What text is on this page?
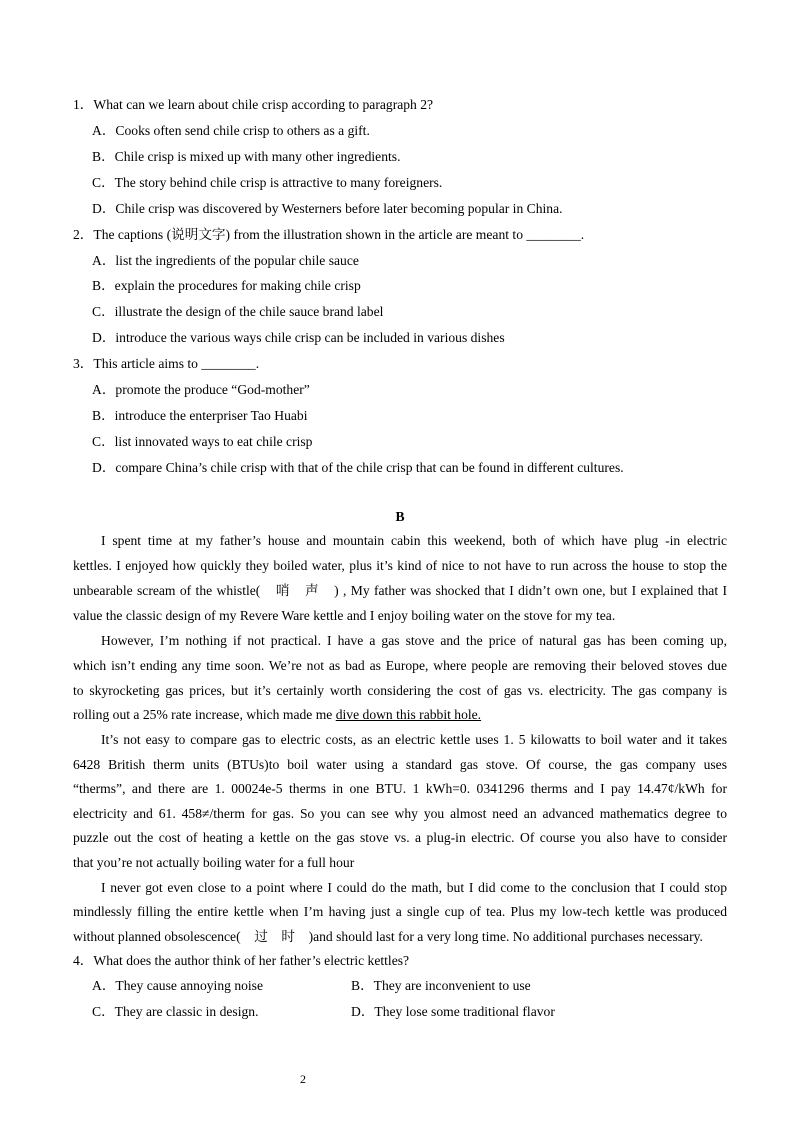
1．What can we learn about chile crisp according to paragraph 2?
A．Cooks often send chile crisp to others as a gift.
B．Chile crisp is mixed up with many other ingredients.
C．The story behind chile crisp is attractive to many foreigners.
D．Chile crisp was discovered by Westerners before later becoming popular in China.
2．The captions (说明文字) from the illustration shown in the article are meant to ________.
A．list the ingredients of the popular chile sauce
B．explain the procedures for making chile crisp
C．illustrate the design of the chile sauce brand label
D．introduce the various ways chile crisp can be included in various dishes
3．This article aims to ________.
A．promote the produce “God-mother”
B．introduce the enterpriser Tao Huabi
C．list innovated ways to eat chile crisp
D．compare China’s chile crisp with that of the chile crisp that can be found in different cultures.
B
I spent time at my father’s house and mountain cabin this weekend, both of which have plug -in electric
kettles. I enjoyed how quickly they boiled water, plus it’s kind of nice to not have to run across the house to stop the
unbearable scream of the whistle(　哨　声　) , My father was shocked that I didn’t own one, but I explained that I
value the classic design of my Revere Ware kettle and I enjoy boiling water on the stove for my tea.
However, I’m nothing if not practical. I have a gas stove and the price of natural gas has been coming up,
which isn’t ending any time soon. We’re not as bad as Europe, where people are removing their beloved stoves due
to skyrocketing gas prices, but it’s certainly worth considering the cost of gas vs. electricity. The gas company is
rolling out a 25% rate increase, which made me dive down this rabbit hole.
It’s not easy to compare gas to electric costs, as an electric kettle uses 1. 5 kilowatts to boil water and it takes
6428 British therm units (BTUs)to boil water using a standard gas stove. Of course, the gas company uses
“therms”, and there are 1. 00024e-5 therms in one BTU. 1 kWh=0. 0341296 therms and I pay 14.47¢/kWh for
electricity and 61. 458≠/therm for gas. So you can see why you almost need an advanced mathematics degree to
puzzle out the cost of heating a kettle on the gas stove vs. a plug-in electric. Of course you also have to consider
that you’re not actually boiling water for a full hour
I never got even close to a point where I could do the math, but I did come to the conclusion that I could stop
mindlessly filling the entire kettle when I’m having just a single cup of tea. Plus my low-tech kettle was produced
without planned obsolescence(　过　时　)and should last for a very long time. No additional purchases necessary.
4．What does the author think of her father’s electric kettles?
A．They cause annoying noise	B．They are inconvenient to use
C．They are classic in design.	D．They lose some traditional flavor
2
